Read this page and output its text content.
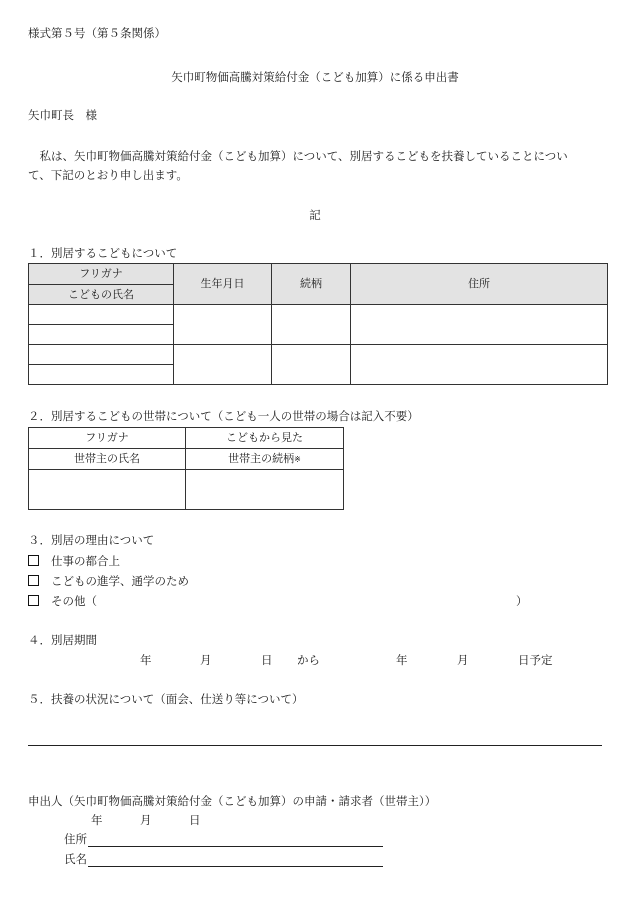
様式第５号（第５条関係）
矢巾町物価高騰対策給付金（こども加算）に係る申出書
矢巾町長　様
　私は、矢巾町物価高騰対策給付金（こども加算）について、別居するこどもを扶養していることについ
て、下記のとおり申し出ます。
記
１．別居するこどもについて
フリガナ	生年月日	続柄	住所
こどもの氏名			

２．別居するこどもの世帯について（こども一人の世帯の場合は記入不要）
フリガナ	こどもから見た
世帯主の氏名	世帯主の続柄※

３．別居の理由について
仕事の都合上
こどもの進学、通学のため
その他（	）
４．別居期間
年	月	日 から	年	月	日予定
５．扶養の状況について（面会、仕送り等について）
申出人（矢巾町物価高騰対策給付金（こども加算）の申請・請求者（世帯主））
年	月	日
住所
氏名
